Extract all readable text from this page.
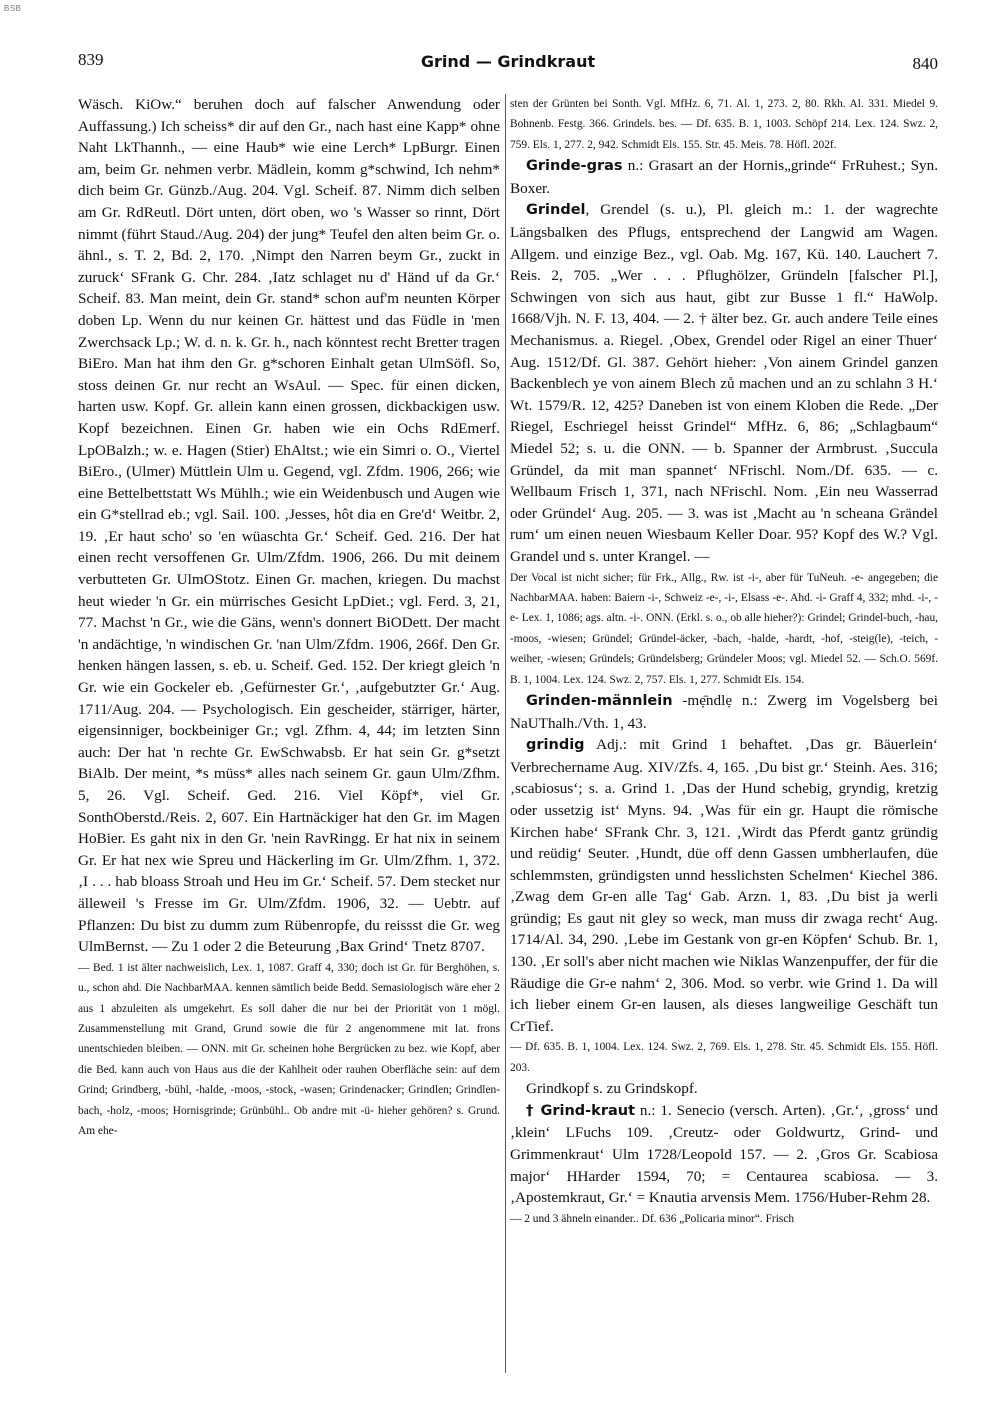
BSB
839	Grind — Grindkraut	840

Wäsch. KiOw.“ beruhen doch auf falscher Anwendung oder Auffassung.) Ich scheiss* dir auf den Gr., nach hast eine Kapp* ohne Naht LkThannh., — eine Haub* wie eine Lerch* LpBurgr. Einen am, beim Gr. nehmen verbr. Mädlein, komm g*schwind, Ich nehm* dich beim Gr. Günzb./Aug. 204. Vgl. Scheif. 87. Nimm dich selben am Gr. RdReutl. Dört unten, dört oben, wo 's Wasser so rinnt, Dört nimmt (führt Staud./Aug. 204) der jung* Teufel den alten beim Gr. o. ähnl., s. T. 2, Bd. 2, 170. ‚Nimpt den Narren beym Gr., zuckt in zuruck‘ SFrank G. Chr. 284. ‚Iatz schlaget nu d' Händ uf da Gr.‘ Scheif. 83. Man meint, dein Gr. stand* schon auf'm neunten Körper doben Lp. Wenn du nur keinen Gr. hättest und das Füdle in 'men Zwerchsack Lp.; W. d. n. k. Gr. h., nach könntest recht Bretter tragen BiEro. Man hat ihm den Gr. g*schoren Einhalt getan UlmSöfl. So, stoss deinen Gr. nur recht an WsAul. — Spec. für einen dicken, harten usw. Kopf. Gr. allein kann einen grossen, dickbackigen usw. Kopf bezeichnen. Einen Gr. haben wie ein Ochs RdEmerf. LpOBalzh.; w. e. Hagen (Stier) EhAltst.; wie ein Simri o. O., Viertel BiEro., (Ulmer) Müttlein Ulm u. Gegend, vgl. Zfdm. 1906, 266; wie eine Bettelbettstatt Ws Mühlh.; wie ein Weidenbusch und Augen wie ein G*stellrad eb.; vgl. Sail. 100. ‚Jesses, hôt dia en Gre'd‘ Weitbr. 2, 19. ‚Er haut scho' so 'en wüaschta Gr.‘ Scheif. Ged. 216. Der hat einen recht versoffenen Gr. Ulm/Zfdm. 1906, 266. Du mit deinem verbutteten Gr. UlmOStotz. Einen Gr. machen, kriegen. Du machst heut wieder 'n Gr. ein mürrisches Gesicht LpDiet.; vgl. Ferd. 3, 21, 77. Machst 'n Gr., wie die Gäns, wenn's donnert BiODett. Der macht 'n andächtige, 'n windischen Gr. 'nan Ulm/Zfdm. 1906, 266f. Den Gr. henken hängen lassen, s. eb. u. Scheif. Ged. 152. Der kriegt gleich 'n Gr. wie ein Gockeler eb. ‚Gefürnester Gr.‘, ‚aufgebutzter Gr.‘ Aug. 1711/Aug. 204. — Psychologisch. Ein gescheider, stärriger, härter, eigensinniger, bockbeiniger Gr.; vgl. Zfhm. 4, 44; im letzten Sinn auch: Der hat 'n rechte Gr. EwSchwabsb. Er hat sein Gr. g*setzt BiAlb. Der meint, *s müss* alles nach seinem Gr. gaun Ulm/Zfhm. 5, 26. Vgl. Scheif. Ged. 216. Viel Köpf*, viel Gr. SonthOberstd./Reis. 2, 607. Ein Hartnäckiger hat den Gr. im Magen HoBier. Es gaht nix in den Gr. 'nein RavRingg. Er hat nix in seinem Gr. Er hat nex wie Spreu und Häckerling im Gr. Ulm/Zfhm. 1, 372. ‚I . . . hab bloass Stroah und Heu im Gr.‘ Scheif. 57. Dem stecket nur älleweil 's Fresse im Gr. Ulm/Zfdm. 1906, 32. — Uebtr. auf Pflanzen: Du bist zu dumm zum Rübenropfe, du reissst die Gr. weg UlmBernst. — Zu 1 oder 2 die Beteurung ‚Bax Grind‘ Tnetz 8707.

— Bed. 1 ist älter nachweislich, Lex. 1, 1087. Graff 4, 330; doch ist Gr. für Berghöhen, s. u., schon ahd. Die NachbarMAA. kennen sämtlich beide Bedd. Semasiologisch wäre eher 2 aus 1 abzuleiten als umgekehrt. Es soll daher die nur bei der Priorität von 1 mögl. Zusammenstellung mit Grand, Grund sowie die für 2 angenommene mit lat. frons unentschieden bleiben. — ONN. mit Gr. scheinen hohe Bergrücken zu bez. wie Kopf, aber die Bed. kann auch von Haus aus die der Kahlheit oder rauhen Oberfläche sein: auf dem Grind; Grindberg, -bühl, -halde, -moos, -stock, -wasen; Grindenacker; Grindlen; Grindlen-bach, -holz, -moos; Hornisgrinde; Grünbühl.. Ob andre mit -ü- hieher gehören? s. Grund. Am ehe-

sten der Grünten bei Sonth. Vgl. MfHz. 6, 71. Al. 1, 273. 2, 80. Rkh. Al. 331. Miedel 9. Bohnenb. Festg. 366. Grindels. bes. — Df. 635. B. 1, 1003. Schöpf 214. Lex. 124. Swz. 2, 759. Els. 1, 277. 2, 942. Schmidt Els. 155. Str. 45. Meis. 78. Höfl. 202f.

Grinde-gras n.: Grasart an der Hornis„grinde“ FrRuhest.; Syn. Boxer.

Grindel, Grendel (s. u.), Pl. gleich m.: 1. der wagrechte Längsbalken des Pflugs, entsprechend der Langwid am Wagen. Allgem. und einzige Bez., vgl. Oab. Mg. 167, Kü. 140. Lauchert 7. Reis. 2, 705. „Wer . . . Pflughölzer, Gründeln [falscher Pl.], Schwingen von sich aus haut, gibt zur Busse 1 fl.“ HaWolp. 1668/Vjh. N. F. 13, 404. — 2. † älter bez. Gr. auch andere Teile eines Mechanismus. a. Riegel. ‚Obex, Grendel oder Rigel an einer Thuer‘ Aug. 1512/Df. Gl. 387. Gehört hieher: ‚Von ainem Grindel ganzen Backenblech ye von ainem Blech zů machen und an zu schlahn 3 H.‘ Wt. 1579/R. 12, 425? Daneben ist von einem Kloben die Rede. „Der Riegel, Eschriegel heisst Grindel“ MfHz. 6, 86; „Schlagbaum“ Miedel 52; s. u. die ONN. — b. Spanner der Armbrust. ‚Succula Gründel, da mit man spannet‘ NFrischl. Nom./Df. 635. — c. Wellbaum Frisch 1, 371, nach NFrischl. Nom. ‚Ein neu Wasserrad oder Gründel‘ Aug. 205. — 3. was ist ‚Macht au 'n scheana Grändel rum‘ um einen neuen Wiesbaum Keller Doar. 95? Kopf des W.? Vgl. Grandel und s. unter Krangel. —

Der Vocal ist nicht sicher; für Frk., Allg., Rw. ist -i-, aber für TuNeuh. -e- angegeben; die NachbarMAA. haben: Baiern -i-, Schweiz -e-, -i-, Elsass -e-. Ahd. -i- Graff 4, 332; mhd. -i-, -e- Lex. 1, 1086; ags. altn. -i-. ONN. (Erkl. s. o., ob alle hieher?): Grindel; Grindel-buch, -hau, -moos, -wiesen; Gründel; Gründel-äcker, -bach, -halde, -hardt, -hof, -steig(le), -teich, -weiher, -wiesen; Gründels; Gründelsberg; Gründeler Moos; vgl. Miedel 52. — Sch.O. 569f. B. 1, 1004. Lex. 124. Swz. 2, 757. Els. 1, 277. Schmidt Els. 154.

Grinden-männlein -mẹ̄ndlẹ n.: Zwerg im Vogelsberg bei NaUThalh./Vth. 1, 43.

grindig Adj.: mit Grind 1 behaftet. ‚Das gr. Bäuerlein‘ Verbrechername Aug. XIV/Zfs. 4, 165. ‚Du bist gr.‘ Steinh. Aes. 316; ‚scabiosus‘; s. a. Grind 1. ‚Das der Hund schebig, gryndig, kretzig oder ussetzig ist‘ Myns. 94. ‚Was für ein gr. Haupt die römische Kirchen habe‘ SFrank Chr. 3, 121. ‚Wirdt das Pferdt gantz gründig und reüdig‘ Seuter. ‚Hundt, düe off denn Gassen umbherlaufen, düe schlemmsten, gründigsten unnd hesslichsten Schelmen‘ Kiechel 386. ‚Zwag dem Gr-en alle Tag‘ Gab. Arzn. 1, 83. ‚Du bist ja werli gründig; Es gaut nit gley so weck, man muss dir zwaga recht‘ Aug. 1714/Al. 34, 290. ‚Lebe im Gestank von gr-en Köpfen‘ Schub. Br. 1, 130. ‚Er soll's aber nicht machen wie Niklas Wanzenpuffer, der für die Räudige die Gr-e nahm‘ 2, 306. Mod. so verbr. wie Grind 1. Da will ich lieber einem Gr-en lausen, als dieses langweilige Geschäft tun CrTief.

— Df. 635. B. 1, 1004. Lex. 124. Swz. 2, 769. Els. 1, 278. Str. 45. Schmidt Els. 155. Höfl. 203.

Grindkopf s. zu Grindskopf.

† Grind-kraut n.: 1. Senecio (versch. Arten). ‚Gr.‘, ‚gross‘ und ‚klein‘ LFuchs 109. ‚Creutz- oder Goldwurtz, Grind- und Grimmenkraut‘ Ulm 1728/Leopold 157. — 2. ‚Gros Gr. Scabiosa major‘ HHarder 1594, 70; = Centaurea scabiosa. — 3. ‚Apostemkraut, Gr.‘ = Knautia arvensis Mem. 1756/Huber-Rehm 28.

— 2 und 3 ähneln einander.. Df. 636 „Policaria minor“. Frisch
